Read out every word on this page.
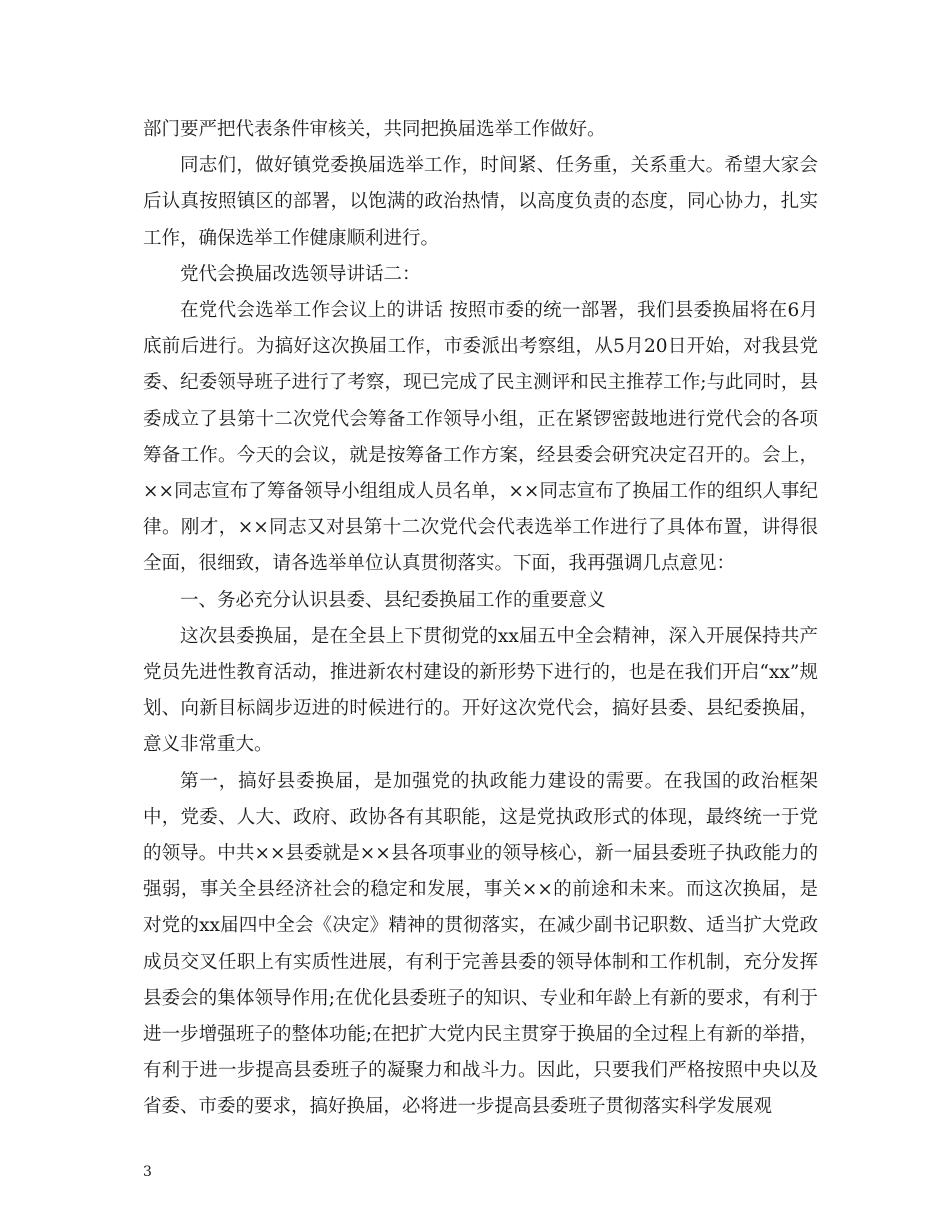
部门要严把代表条件审核关，共同把换届选举工作做好。

同志们，做好镇党委换届选举工作，时间紧、任务重，关系重大。希望大家会后认真按照镇区的部署，以饱满的政治热情，以高度负责的态度，同心协力，扎实工作，确保选举工作健康顺利进行。

党代会换届改选领导讲话二：

在党代会选举工作会议上的讲话 按照市委的统一部署，我们县委换届将在6月底前后进行。为搞好这次换届工作，市委派出考察组，从5月20日开始，对我县党委、纪委领导班子进行了考察，现已完成了民主测评和民主推荐工作;与此同时，县委成立了县第十二次党代会筹备工作领导小组，正在紧锣密鼓地进行党代会的各项筹备工作。今天的会议，就是按筹备工作方案，经县委会研究决定召开的。会上，××同志宣布了筹备领导小组组成人员名单，××同志宣布了换届工作的组织人事纪律。刚才，××同志又对县第十二次党代会代表选举工作进行了具体布置，讲得很全面，很细致，请各选举单位认真贯彻落实。下面，我再强调几点意见：

一、务必充分认识县委、县纪委换届工作的重要意义

这次县委换届，是在全县上下贯彻党的xx届五中全会精神，深入开展保持共产党员先进性教育活动，推进新农村建设的新形势下进行的，也是在我们开启“xx”规划、向新目标阔步迈进的时候进行的。开好这次党代会，搞好县委、县纪委换届，意义非常重大。

第一，搞好县委换届，是加强党的执政能力建设的需要。在我国的政治框架中，党委、人大、政府、政协各有其职能，这是党执政形式的体现，最终统一于党的领导。中共××县委就是××县各项事业的领导核心，新一届县委班子执政能力的强弱，事关全县经济社会的稳定和发展，事关××的前途和未来。而这次换届，是对党的xx届四中全会《决定》精神的贯彻落实，在减少副书记职数、适当扩大党政成员交叉任职上有实质性进展，有利于完善县委的领导体制和工作机制，充分发挥县委会的集体领导作用;在优化县委班子的知识、专业和年龄上有新的要求，有利于进一步增强班子的整体功能;在把扩大党内民主贯穿于换届的全过程上有新的举措，有利于进一步提高县委班子的凝聚力和战斗力。因此，只要我们严格按照中央以及省委、市委的要求，搞好换届，必将进一步提高县委班子贯彻落实科学发展观

3
